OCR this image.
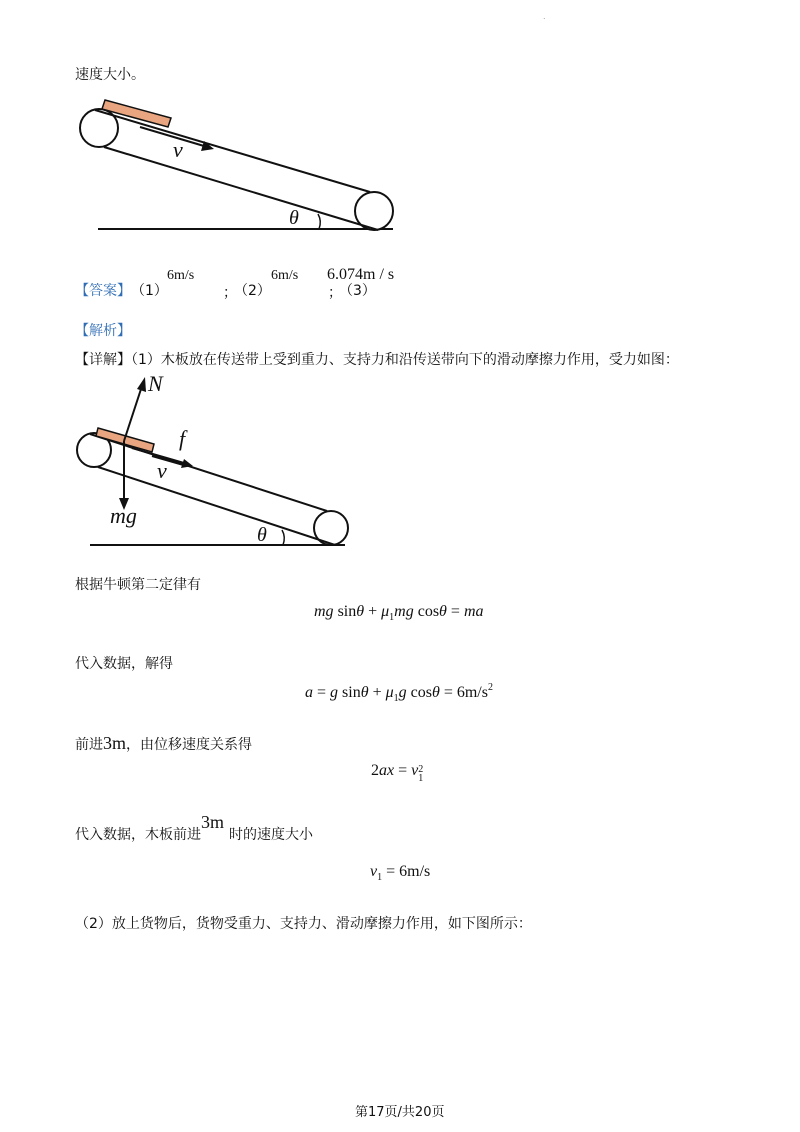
.
速度大小。
v
θ
【答案】 （1）
6m/s
；
（2）
6m/s
；
（3）
6.074m / s
【解析】
【详解】（1）木板放在传送带上受到重力、支持力和沿传送带向下的滑动摩擦力作用，受力如图：
N
f
v
mg
θ
根据牛顿第二定律有
mg $\sin\theta + \mu_1mg$ cosθ = ma
代入数据，解得
a = g $\sin\theta + \mu_1g$ $\cos\theta = 6m/s^2$
前进3m，由位移速度关系得
2ax = v 2
1
代入数据，木板前进
3m
时的速度大小
$v_1 = 6m/s$
（2）放上货物后，货物受重力、支持力、滑动摩擦力作用，如下图所示：
第17页/共20页
